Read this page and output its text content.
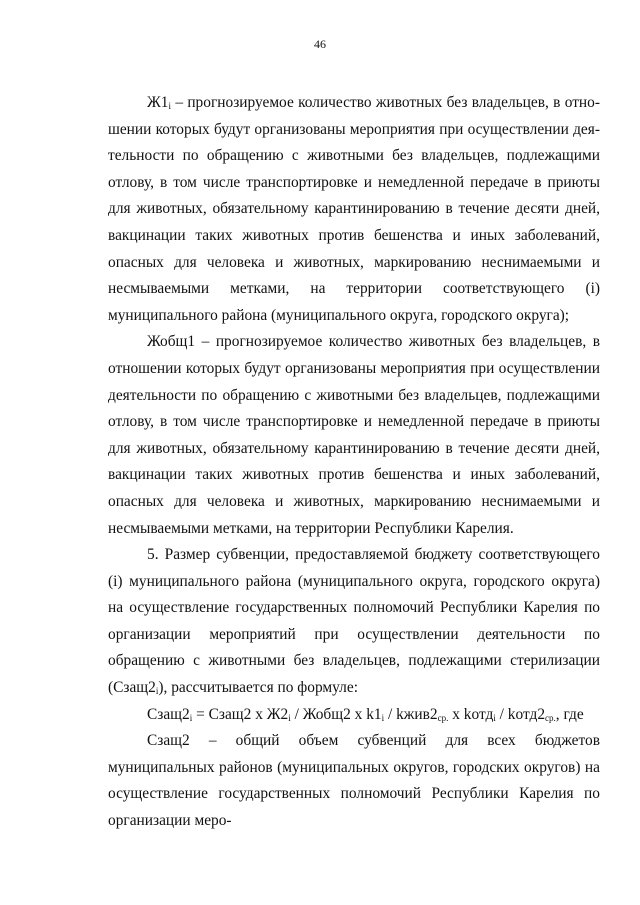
46

$Ж1_i$ – прогнозируемое количество животных без владельцев, в отношении которых будут организованы мероприятия при осуществлении деятельности по обращению с животными без владельцев, подлежащими отлову, в том числе транспортировке и немедленной передаче в приюты для животных, обязательному карантинированию в течение десяти дней, вакцинации таких животных против бешенства и иных заболеваний, опасных для человека и животных, маркированию неснимаемыми и несмываемыми метками, на территории соответствующего (i) муниципального района (муниципального округа, городского округа);

Жобщ1 – прогнозируемое количество животных без владельцев, в отношении которых будут организованы мероприятия при осуществлении деятельности по обращению с животными без владельцев, подлежащими отлову, в том числе транспортировке и немедленной передаче в приюты для животных, обязательному карантинированию в течение десяти дней, вакцинации таких животных против бешенства и иных заболеваний, опасных для человека и животных, маркированию неснимаемыми и несмываемыми метками, на территории Республики Карелия.

5. Размер субвенции, предоставляемой бюджету соответствующего (i) муниципального района (муниципального округа, городского округа) на осуществление государственных полномочий Республики Карелия по организации мероприятий при осуществлении деятельности по обращению с животными без владельцев, подлежащими стерилизации $(Сзащ2_i)$, рассчитывается по формуле:

$Сзащ2_i$ = Сзащ2 x $Ж2_i$ / Жобщ2 x $k1_i$ / $kжив2_{ср.}$ x kотд$_i$ / $kотд2_{ср.}$, где

Сзащ2 – общий объем субвенций для всех бюджетов муниципальных районов (муниципальных округов, городских округов) на осуществление государственных полномочий Республики Карелия по организации меро-
